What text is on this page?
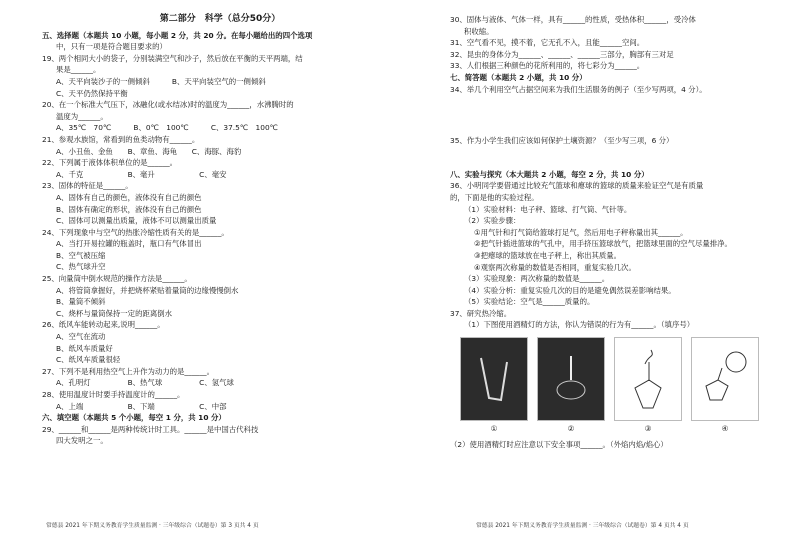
第二部分　科学（总分50分）
五、选择题（本题共 10 小题，每小题 2 分，共 20 分。在每小题给出的四个选项
中，只有一项是符合题目要求的）
19、两个相同大小的袋子，分别装满空气和沙子，然后放在平衡的天平两端，结
果是______。
A、天平向装沙子的一侧倾斜　　　B、天平向装空气的一侧倾斜
C、天平仍然保持平衡
20、在一个标准大气压下，冰融化(或水结冰)时的温度为______，水沸腾时的
温度为______。
A、35℃　70℃　　　B、0℃　100℃　　　C、37.5℃　100℃
21、参观水族馆，常看到的鱼类动物有______。
A、小丑鱼、金鱼　　B、章鱼、海龟　　C、海豚、海豹
22、下列属于液体体积单位的是______。
A、千克　　　　　　B、毫升　　　　　　C、毫安
23、固体的特征是______。
A、固体有自己的颜色，液体没有自己的颜色
B、固体有确定的形状，液体没有自己的颜色
C、固体可以测量出质量，液体不可以测量出质量
24、下列现象中与空气的热胀冷缩性质有关的是______。
A、当打开易拉罐的瓶盖时，瓶口有气体冒出
B、空气被压缩
C、热气球升空
25、向量筒中倒水规范的操作方法是______。
A、将管筒拿握好，并把烧杯紧贴着量筒的边缘慢慢倒水
B、量筒不倾斜
C、烧杯与量筒保持一定的距离倒水
26、纸风车能转动起来,说明______。
A、空气在流动
B、纸风车质量好
C、纸风车质量很轻
27、下列不是利用热空气上升作为动力的是______。
A、孔明灯　　　　　B、热气球　　　　　C、氢气球
28、使用温度计时要手持温度计的______。
A、上端　　　　　　B、下端　　　　　　C、中部
六、填空题（本题共 5 个小题，每空 1 分，共 10 分）
29、______和______是两种传统计时工具。______是中国古代科技
四大发明之一。
常德县 2021 年下期义务教育学生质量监测 · 三年级综合（试题卷）第 3 页共 4 页
30、固体与液体、气体一样，具有______的性质，受热体积______，受冷体
积收缩。
31、空气看不见，摸不着，它无孔不入，且能______空间。
32、昆虫的身体分为______、______、______三部分，胸部有三对足
33、人们根据三种颜色的花所利用的，将七彩分为______。
七、简答题（本题共 2 小题，共 10 分）
34、举几个利用空气占据空间来为我们生活服务的例子（至少写两项，4 分）。
35、作为小学生我们应该如何保护土壤资源？（至少写三项，6 分）
八、实验与探究（本大题共 2 小题，每空 2 分，共 10 分）
36、小明同学要借通过比较充气篮球和瘪球的篮球的质量来验证空气是有质量
的，下面是他的实验过程。
（1）实验材料：电子秤、篮球、打气筒、气针等。
（2）实验步骤：
①用气针和打气筒给篮球打足气，然后用电子秤称量出其______。
②把气针插进篮球的气孔中，用手挤压篮球放气，把篮球里面的空气尽量排净。
③把瘪球的篮球放在电子秤上，称出其质量。
④观察两次称量的数值是否相同，重复实验几次。
（3）实验现象：两次称量的数值是______。
（4）实验分析：重复实验几次的目的是避免偶然误差影响结果。
（5）实验结论：空气是______质量的。
37、研究热冷缩。
（1）下图使用酒精灯的方法，你认为错误的行为有______。（填序号）
①	②	③	④
（2）使用酒精灯时应注意以下安全事项______。（外焰内焰/焰心）
常德县 2021 年下期义务教育学生质量监测 · 三年级综合（试题卷）第 4 页共 4 页
